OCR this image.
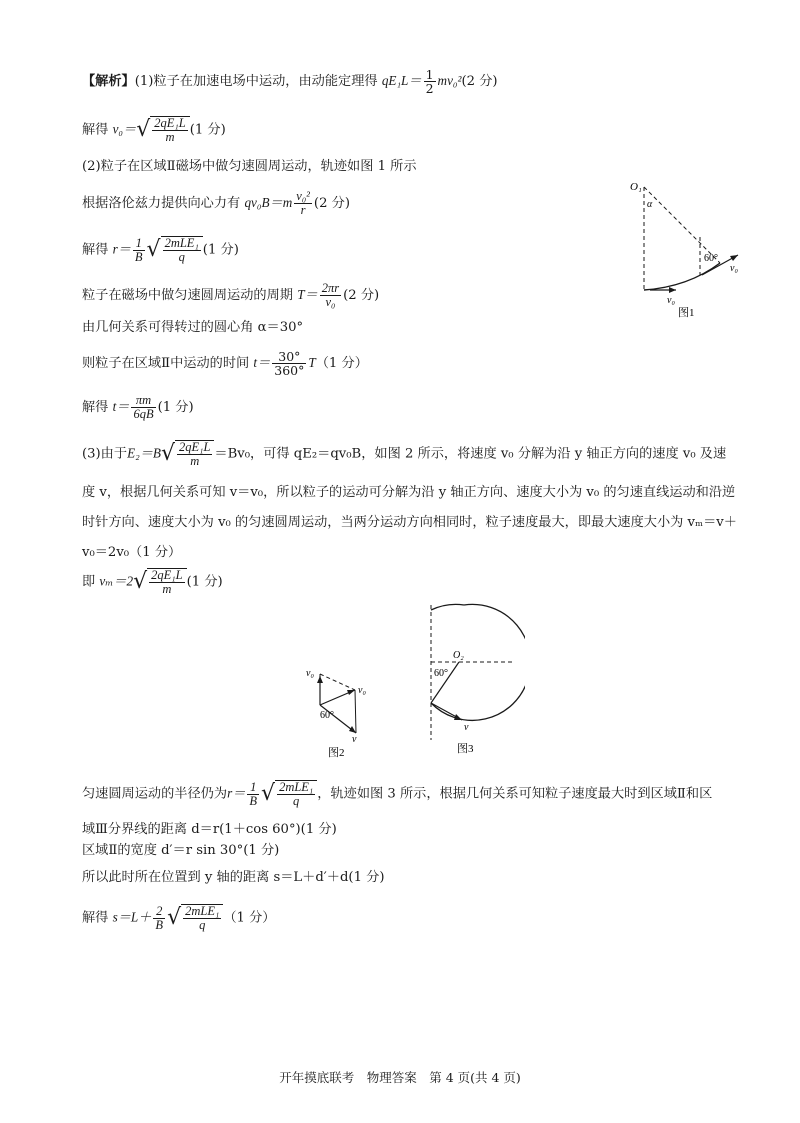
【解析】(1)粒子在加速电场中运动，由动能定理得 $qE_1L= \frac{1}{2} mv_0^2(2$ 分)
解得 $v_0=√ \frac{\text{2qE₁L}}{m} (1$ 分)
(2)粒子在区域Ⅱ磁场中做匀速圆周运动，轨迹如图 1 所示
根据洛伦兹力提供向心力有 $qv_0B=m \frac{\text{v₀²}}{r} (2$ 分)
解得 $r= \frac{1}{B}$ √ $\frac{\text{2mLE₁}}{q} (1$ 分)
粒子在磁场中做匀速圆周运动的周期 $T= \frac{2\pi r}{\text{v₀}} (2$ 分)
由几何关系可得转过的圆心角 α＝30°
则粒子在区域Ⅱ中运动的时间 $t= \frac{30^\circ}{360^\circ} T(1$ 分）
解得 $t= \frac{\pi m}{6qB} (1$ 分)
(3)由于$E_2=B√ \frac{\text{2qE₁L}}{m} =Bv_0$，可得 qE₂＝qv₀B，如图 2 所示，将速度 v₀ 分解为沿 y 轴正方向的速度 v₀ 及速
度 v，根据几何关系可知 v＝v₀，所以粒子的运动可分解为沿 y 轴正方向、速度大小为 v₀ 的匀速直线运动和沿逆时针方向、速度大小为 v₀ 的匀速圆周运动，当两分运动方向相同时，粒子速度最大，即最大速度大小为 vₘ＝v＋v₀＝2v₀（1 分）
即 $v_m=2√ \frac{\text{2qE₁L}}{m} (1$ 分)
O₁
α
60°
v₀
v₀
图1
v₀
v₀
60°
v
图2
O₂
60°
v
图3
匀速圆周运动的半径仍为$r= \frac{1}{B}$ √ $\frac{\text{2mLE₁}}{q}$ ，轨迹如图 3 所示，根据几何关系可知粒子速度最大时到区域Ⅱ和区
域Ⅲ分界线的距离 d＝r(1＋cos 60°)(1 分)
区域Ⅱ的宽度 d′＝r sin 30°(1 分)
所以此时所在位置到 y 轴的距离 s＝L＋d′＋d(1 分)
解得 $s=L+ \frac{2}{B}$ √ $\frac{\text{2mLE₁}}{q} (1$ 分）
开年摸底联考　物理答案　第 4 页(共 4 页)
